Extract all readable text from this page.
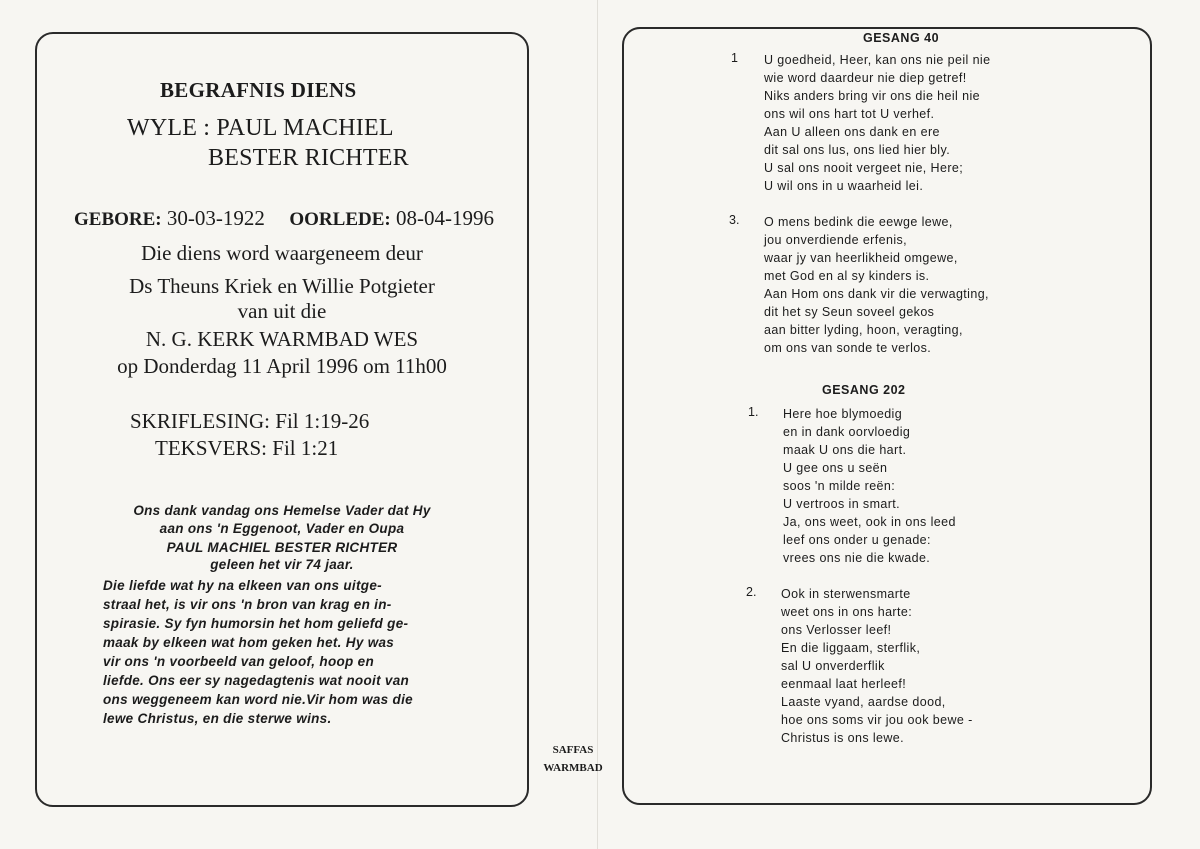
BEGRAFNIS DIENS
WYLE : PAUL MACHIEL
BESTER RICHTER
GEBORE: 30-03-1922 OORLEDE: 08-04-1996
Die diens word waargeneem deur
Ds Theuns Kriek en Willie Potgieter
van uit die
N. G. KERK WARMBAD WES
op Donderdag 11 April 1996 om 11h00
SKRIFLESING: Fil 1:19-26
TEKSVERS: Fil 1:21
Ons dank vandag ons Hemelse Vader dat Hy
aan ons 'n Eggenoot, Vader en Oupa
PAUL MACHIEL BESTER RICHTER
geleen het vir 74 jaar.
Die liefde wat hy na elkeen van ons uitge-
straal het, is vir ons 'n bron van krag en in-
spirasie. Sy fyn humorsin het hom geliefd ge-
maak by elkeen wat hom geken het. Hy was
vir ons 'n voorbeeld van geloof, hoop en
liefde. Ons eer sy nagedagtenis wat nooit van
ons weggeneem kan word nie.Vir hom was die
lewe Christus, en die sterwe wins.
SAFFAS
WARMBAD
GESANG 40
1 U goedheid, Heer, kan ons nie peil nie
wie word daardeur nie diep getref!
Niks anders bring vir ons die heil nie
ons wil ons hart tot U verhef.
Aan U alleen ons dank en ere
dit sal ons lus, ons lied hier bly.
U sal ons nooit vergeet nie, Here;
U wil ons in u waarheid lei.
3. O mens bedink die eewge lewe,
jou onverdiende erfenis,
waar jy van heerlikheid omgewe,
met God en al sy kinders is.
Aan Hom ons dank vir die verwagting,
dit het sy Seun soveel gekos
aan bitter lyding, hoon, veragting,
om ons van sonde te verlos.
GESANG 202
1. Here hoe blymoedig
en in dank oorvloedig
maak U ons die hart.
U gee ons u seën
soos 'n milde reën:
U vertroos in smart.
Ja, ons weet, ook in ons leed
leef ons onder u genade:
vrees ons nie die kwade.
2. Ook in sterwensmarte
weet ons in ons harte:
ons Verlosser leef!
En die liggaam, sterflik,
sal U onverderflik
eenmaal laat herleef!
Laaste vyand, aardse dood,
hoe ons soms vir jou ook bewe -
Christus is ons lewe.
